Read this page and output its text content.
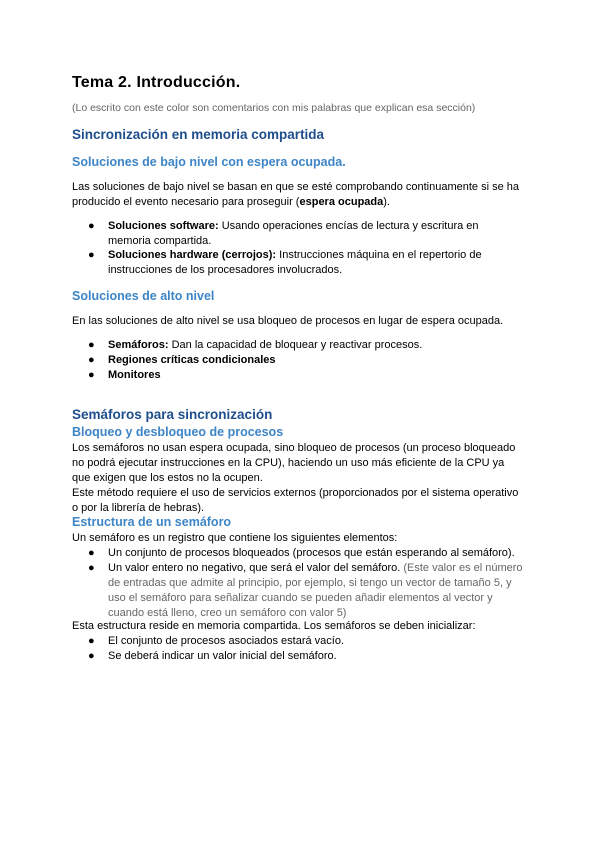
Tema 2. Introducción.
(Lo escrito con este color son comentarios con mis palabras que explican esa sección)
Sincronización en memoria compartida
Soluciones de bajo nivel con espera ocupada.
Las soluciones de bajo nivel se basan en que se esté comprobando continuamente si se ha
producido el evento necesario para proseguir (espera ocupada).
● Soluciones software: Usando operaciones encías de lectura y escritura en
memoria compartida.
● Soluciones hardware (cerrojos): Instrucciones máquina en el repertorio de
instrucciones de los procesadores involucrados.
Soluciones de alto nivel
En las soluciones de alto nivel se usa bloqueo de procesos en lugar de espera ocupada.
● Semáforos: Dan la capacidad de bloquear y reactivar procesos.
● Regiones críticas condicionales
● Monitores
Semáforos para sincronización
Bloqueo y desbloqueo de procesos
Los semáforos no usan espera ocupada, sino bloqueo de procesos (un proceso bloqueado
no podrá ejecutar instrucciones en la CPU), haciendo un uso más eficiente de la CPU ya
que exigen que los estos no la ocupen.
Este método requiere el uso de servicios externos (proporcionados por el sistema operativo
o por la librería de hebras).
Estructura de un semáforo
Un semáforo es un registro que contiene los siguientes elementos:
● Un conjunto de procesos bloqueados (procesos que están esperando al semáforo).
● Un valor entero no negativo, que será el valor del semáforo. (Este valor es el número
de entradas que admite al principio, por ejemplo, si tengo un vector de tamaño 5, y
uso el semáforo para señalizar cuando se pueden añadir elementos al vector y
cuando está lleno, creo un semáforo con valor 5)
Esta estructura reside en memoria compartida. Los semáforos se deben inicializar:
● El conjunto de procesos asociados estará vacío.
● Se deberá indicar un valor inicial del semáforo.
